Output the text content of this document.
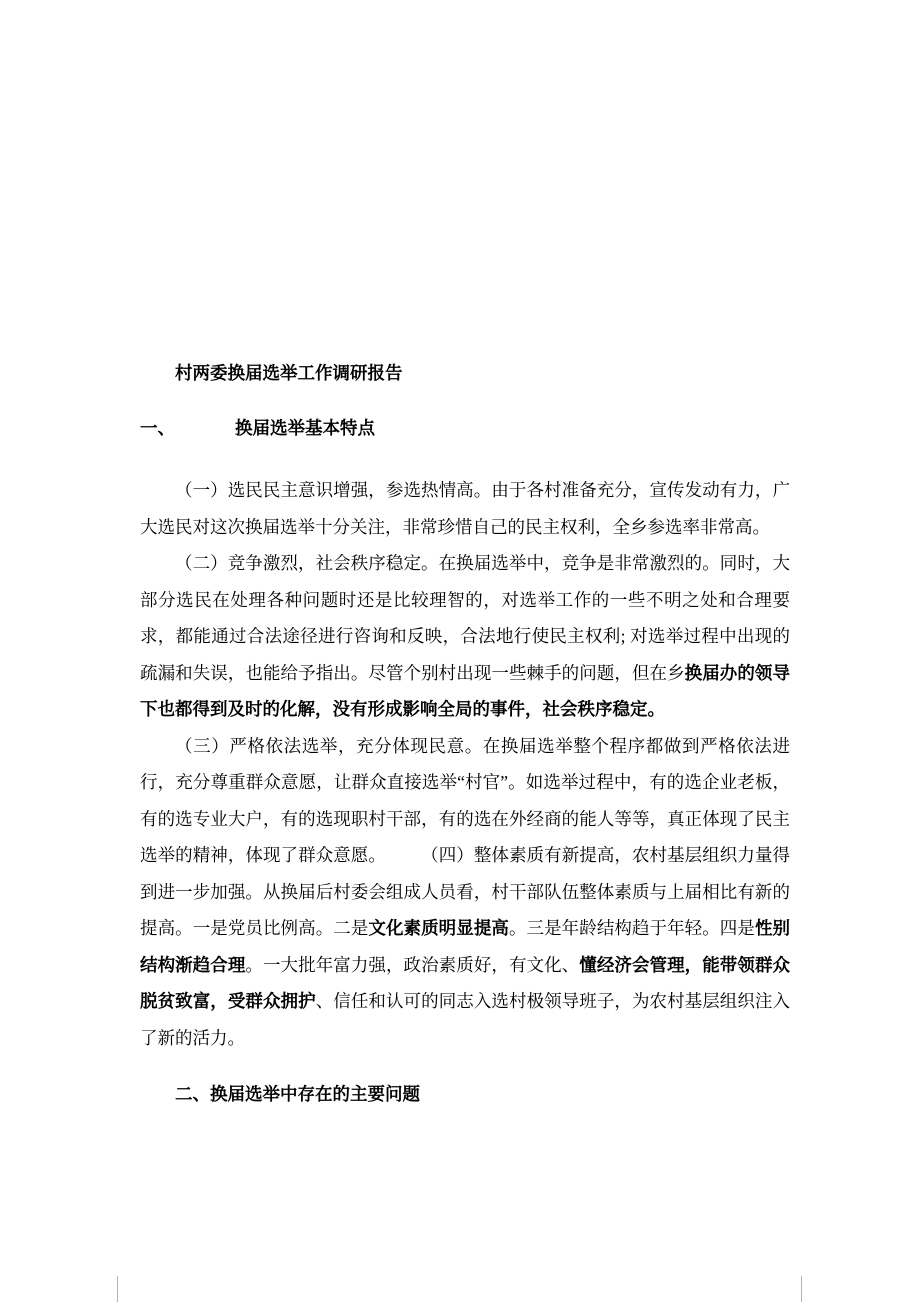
村两委换届选举工作调研报告
一、	换届选举基本特点

（一）选民民主意识增强，参选热情高。由于各村准备充分，宣传发动有力，广大选民对这次换届选举十分关注，非常珍惜自己的民主权利，全乡参选率非常高。

（二）竞争激烈，社会秩序稳定。在换届选举中，竞争是非常激烈的。同时，大部分选民在处理各种问题时还是比较理智的，对选举工作的一些不明之处和合理要求，都能通过合法途径进行咨询和反映，合法地行使民主权利; 对选举过程中出现的疏漏和失误，也能给予指出。尽管个别村出现一些棘手的问题，但在乡换届办的领导下也都得到及时的化解，没有形成影响全局的事件，社会秩序稳定。

（三）严格依法选举，充分体现民意。在换届选举整个程序都做到严格依法进行，充分尊重群众意愿，让群众直接选举“村官”。如选举过程中，有的选企业老板，有的选专业大户，有的选现职村干部，有的选在外经商的能人等等，真正体现了民主选举的精神，体现了群众意愿。　　　（四）整体素质有新提高，农村基层组织力量得到进一步加强。从换届后村委会组成人员看，村干部队伍整体素质与上届相比有新的提高。一是党员比例高。二是文化素质明显提高。三是年龄结构趋于年轻。四是性别结构渐趋合理。一大批年富力强，政治素质好，有文化、懂经济会管理，能带领群众脱贫致富，受群众拥护、信任和认可的同志入选村极领导班子，为农村基层组织注入了新的活力。

二、换届选举中存在的主要问题
